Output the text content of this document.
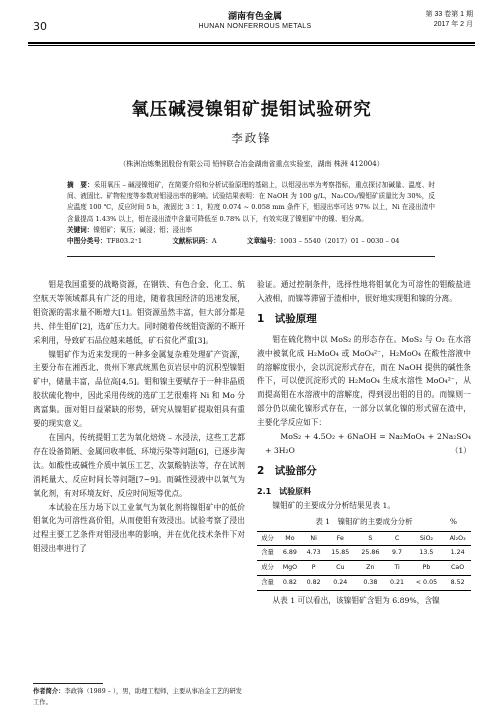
30
湖南有色金属
HUNAN NONFERROUS METALS
第 33 卷第 1 期
2017 年 2 月
氧压碱浸镍钼矿提钼试验研究
李政锋
（株洲冶炼集团股份有限公司 铅锌联合冶金湖南省重点实验室，湖南 株洲 412004）
摘　要：采用氧压 – 碱浸镍钼矿，在简要介绍和分析试验原理的基础上，以钼浸出率为考察指标，重点探讨加碱量、温度、时间、液固比、矿物粒度等参数对钼浸出率的影响。试验结果表明：在 NaOH 为 100 g/L，Na₂CO₃/镍钼矿质量比为 30%，反应温度 100 ℃，反应时间 5 h，液固比 3∶1，粒度 0.074 ~ 0.058 mm 条件下，钼浸出率可达 97% 以上，Ni 在浸出渣中含量提高 1.43% 以上，钼在浸出渣中含量可降低至 0.78% 以下，有效实现了镍钼矿中的镍、钼分离。
关键词：镍钼矿；氧压；碱浸；钼；浸出率
中图分类号：TF803.2⁺1	文献标识码：A	文章编号：1003 – 5540（2017）01 – 0030 – 04

钼是我国重要的战略资源，在钢铁、有色合金、化工、航空航天等领域都具有广泛的用途，随着我国经济的迅速发展，钼资源的需求量不断增大[1]。钼资源虽然丰富，但大部分都是共、伴生钼矿[2]，选矿压力大。同时随着传统钼资源的不断开采利用，导致矿石品位越来越低，矿石贫化严重[3]。

镍钼矿作为近来发现的一种多金属复杂难处理矿产资源，主要分布在湘西北、贵州下寒武统黑色页岩层中的沉积型镍钼矿中，储量丰富，品位高[4,5]。钼和镍主要赋存于一种非晶质胶状硫化物中，因此采用传统的选矿工艺很难将 Ni 和 Mo 分离富集。面对钼日益紧缺的形势，研究从镍钼矿提取钼具有重要的现实意义。

在国内，传统提钼工艺为氧化焙烧 – 水浸法，这些工艺都存在设备简陋、金属回收率低、环境污染等问题[6]，已逐步淘汰。如酸性或碱性介质中氧压工艺、次氯酸钠法等，存在试剂消耗量大、反应时间长等问题[7~9]。而碱性浸液中以氧气为氧化剂，有对环境友好、反应时间短等优点。

本试验在压力场下以工业氧气为氧化剂将镍钼矿中的低价钼氧化为可溶性高价钼，从而使钼有效浸出。试验考察了浸出过程主要工艺条件对钼浸出率的影响，并在优化技术条件下对钼浸出率进行了

作者简介：李政锋（1989 – ），男，助理工程师，主要从事冶金工艺的研发工作。

验证。通过控制条件，选择性地将钼氧化为可溶性的钼酸盐进入液相，而镍等滞留于渣相中，很好地实现钼和镍的分离。

1　试验原理

钼在硫化物中以 MoS₂ 的形态存在。MoS₂ 与 O₂ 在水溶液中被氧化成 H₂MoO₄ 或 MoO₄²⁻，H₂MoO₄ 在酸性溶液中的溶解度很小，会以沉淀形式存在，而在 NaOH 提供的碱性条件下，可以使沉淀形式的 H₂MoO₄ 生成水溶性 MoO₄²⁻，从而提高钼在水溶液中的溶解度，得到浸出钼的目的。而镍则一部分仍以硫化镍形式存在，一部分以氧化镍的形式留在渣中，主要化学反应如下：

MoS₂ + 4.5O₂ + 6NaOH = Na₂MoO₄ + 2Na₂SO₄ + 3H₂O	（1）

2　试验部分
2.1　试验原料

镍钼矿的主要成分分析结果见表 1。

表 1　镍钼矿的主要成分分析	%
成分	Mo	Ni	Fe	S	C	SiO₂	Al₂O₃
含量	6.89	4.73	15.85	25.86	9.7	13.5	1.24
成分	MgO	P	Cu	Zn	Ti	Pb	CaO
含量	0.82	0.82	0.24	0.38	0.21	< 0.05	8.52

从表 1 可以看出，该镍钼矿含钼为 6.89%，含镍
